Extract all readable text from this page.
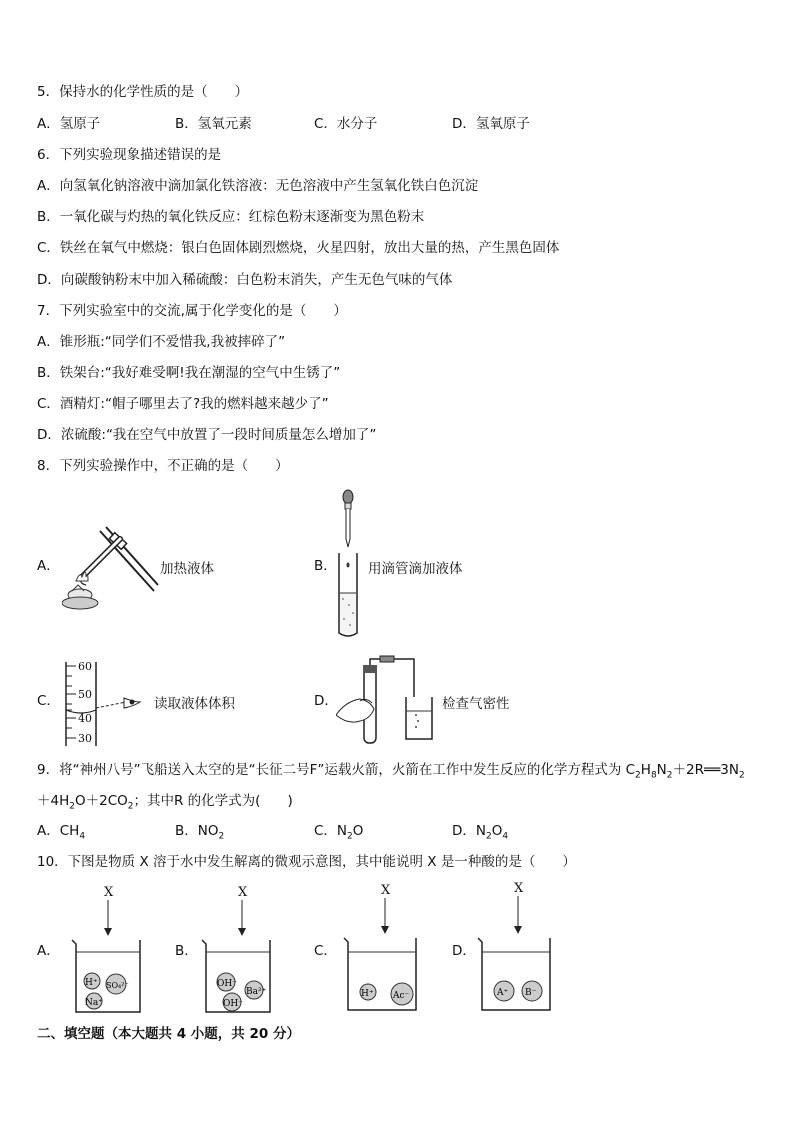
5．保持水的化学性质的是（　　）
A．氢原子	B．氢氧元素	C．水分子	D．氢氧原子
6．下列实验现象描述错误的是
A．向氢氧化钠溶液中滴加氯化铁溶液：无色溶液中产生氢氧化铁白色沉淀
B．一氧化碳与灼热的氧化铁反应：红棕色粉末逐渐变为黑色粉末
C．铁丝在氧气中燃烧：银白色固体剧烈燃烧，火星四射，放出大量的热，产生黑色固体
D．向碳酸钠粉末中加入稀硫酸：白色粉末消失，产生无色气味的气体
7．下列实验室中的交流,属于化学变化的是（　　）
A．锥形瓶:“同学们不爱惜我,我被摔碎了”
B．铁架台:“我好难受啊!我在潮湿的空气中生锈了”
C．酒精灯:“帽子哪里去了?我的燃料越来越少了”
D．浓硫酸:“我在空气中放置了一段时间质量怎么增加了”
8．下列实验操作中，不正确的是（　　）
A．	加热液体	B． 用滴管滴加液体
C．
60
50
40
30
读取液体体积	D．	检查气密性
9．将“神州八号”飞船送入太空的是“长征二号F”运载火箭，火箭在工作中发生反应的化学方程式为 $C_2H_8N_2+2R══3N_2$
$+4H_2O+2CO_2$；其中R 的化学式为(　　)
A．$CH_4$	B．$NO_2$	C．$N_2O$	D．$N_2O_4$
10．下图是物质 X 溶于水中发生解离的微观示意图，其中能说明 X 是一种酸的是（　　）
A．
X
H⁺ SO₄²⁻
Na⁺
B．
X
OH⁻
Ba²⁺
OH⁻
C．
X
H⁺ Ac⁻
D．
X
A⁺ B⁻
二、填空题（本大题共 4 小题，共 20 分）
